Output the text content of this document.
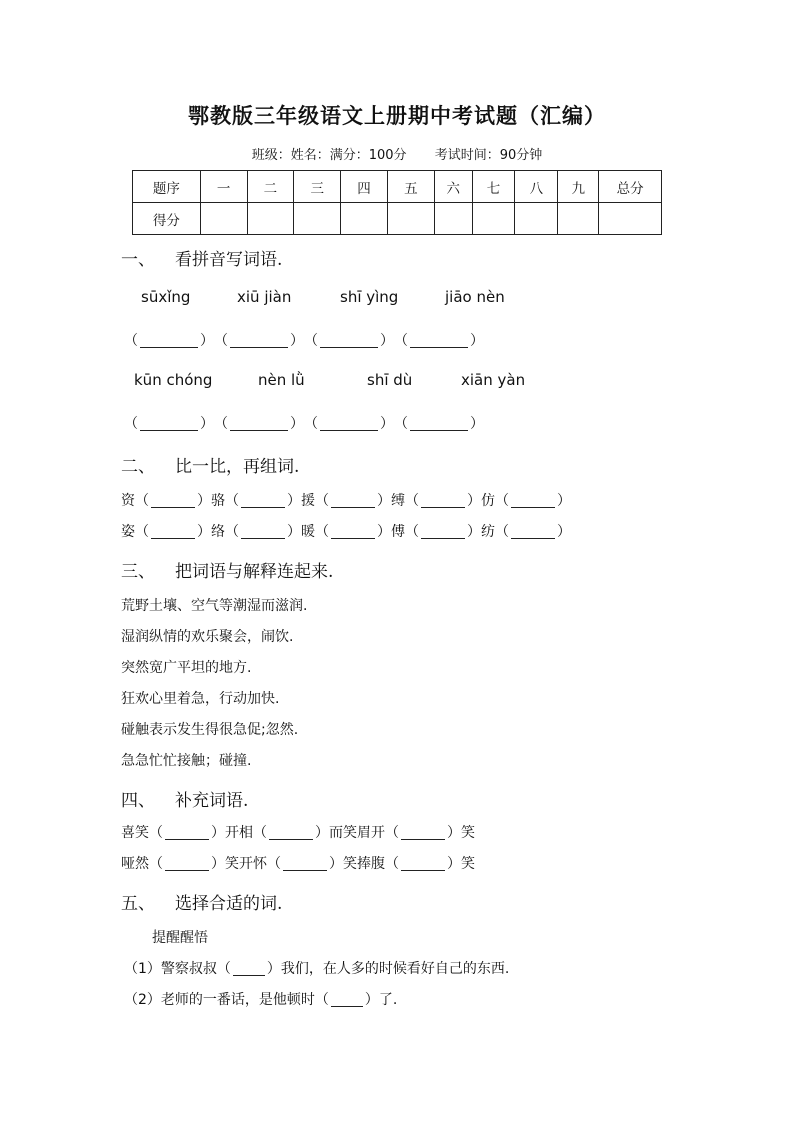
鄂教版三年级语文上册期中考试题（汇编）
班级：姓名：满分：100分 考试时间：90分钟
题序	一	二	三	四	五	六	七	八	九	总分
得分										
一、 看拼音写词语.
sūxǐng	xiū jiàn	shī yìng	jiāo nèn
（	）（	）（	）（	）
kūn chóng	nèn lǜ	shī dù	xiān yàn
（	）（	）（	）（	）
二、 比一比，再组词.
资（	）骆（	）援（	）缚（	）仿（	）
姿（	）络（	）暖（	）傅（	）纺（	）
三、 把词语与解释连起来.
荒野土壤、空气等潮湿而滋润.
湿润纵情的欢乐聚会，闹饮.
突然宽广平坦的地方.
狂欢心里着急，行动加快.
碰触表示发生得很急促;忽然.
急急忙忙接触；碰撞.
四、 补充词语.
喜笑（	）开相（	）而笑眉开（	）笑
哑然（	）笑开怀（	）笑捧腹（	）笑
五、 选择合适的词.
提醒醒悟
（1）警察叔叔（	）我们，在人多的时候看好自己的东西.
（2）老师的一番话，是他顿时（	）了.
